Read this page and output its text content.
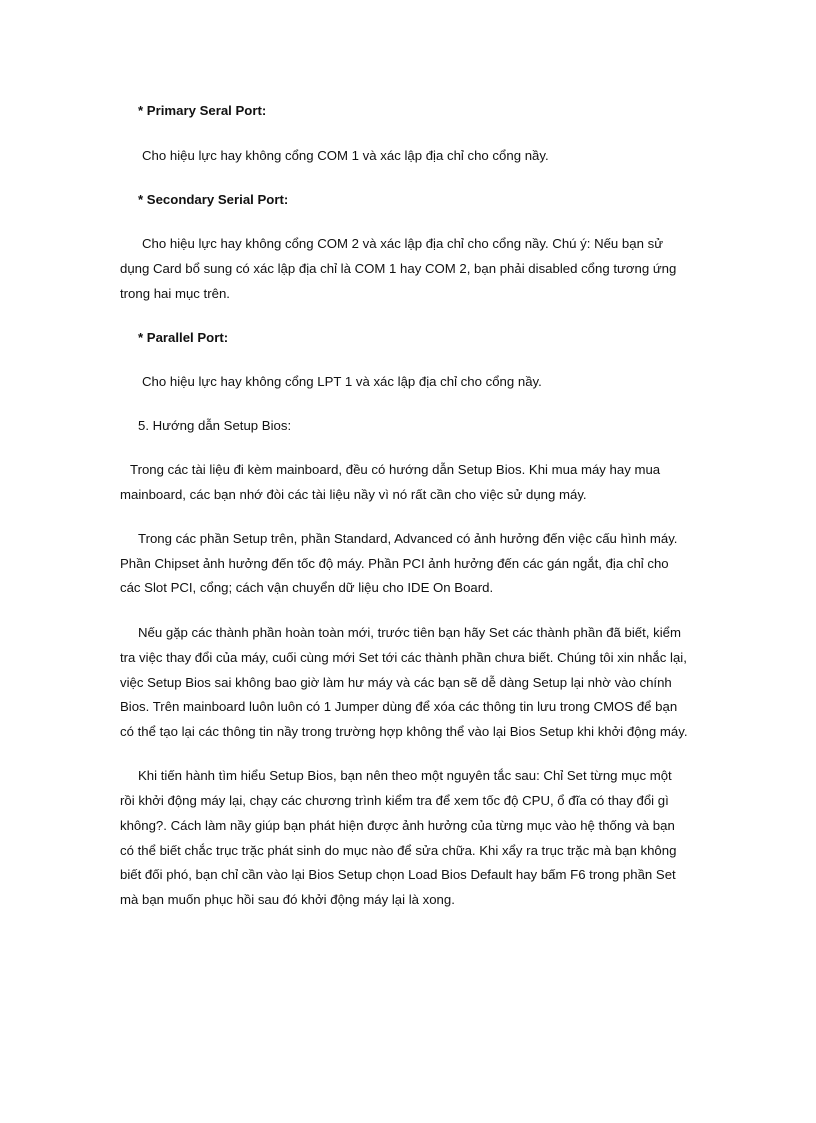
* Primary Seral Port:

Cho hiệu lực hay không cổng COM 1 và xác lập địa chỉ cho cổng nầy.

* Secondary Serial Port:

Cho hiệu lực hay không cổng COM 2 và xác lập địa chỉ cho cổng nầy. Chú ý: Nếu bạn sử

dụng Card bổ sung có xác lập địa chỉ là COM 1 hay COM 2, bạn phải disabled cổng tương ứng

trong hai mục trên.

* Parallel Port:

Cho hiệu lực hay không cổng LPT 1 và xác lập địa chỉ cho cổng nầy.

5. Hướng dẫn Setup Bios:

Trong các tài liệu đi kèm mainboard, đều có hướng dẫn Setup Bios. Khi mua máy hay mua

mainboard, các bạn nhớ đòi các tài liệu nầy vì nó rất cần cho việc sử dụng máy.

Trong các phần Setup trên, phần Standard, Advanced có ảnh hưởng đến việc cấu hình máy.

Phần Chipset ảnh hưởng đến tốc độ máy. Phần PCI ảnh hưởng đến các gán ngắt, địa chỉ cho

các Slot PCI, cổng; cách vận chuyển dữ liệu cho IDE On Board.

Nếu gặp các thành phần hoàn toàn mới, trước tiên bạn hãy Set các thành phần đã biết, kiểm

tra việc thay đổi của máy, cuối cùng mới Set tới các thành phần chưa biết. Chúng tôi xin nhắc lại,

việc Setup Bios sai không bao giờ làm hư máy và các bạn sẽ dễ dàng Setup lại nhờ vào chính

Bios. Trên mainboard luôn luôn có 1 Jumper dùng để xóa các thông tin lưu trong CMOS để bạn

có thể tạo lại các thông tin nầy trong trường hợp không thể vào lại Bios Setup khi khởi động máy.

Khi tiến hành tìm hiểu Setup Bios, bạn nên theo một nguyên tắc sau: Chỉ Set từng mục một

rồi khởi động máy lại, chạy các chương trình kiểm tra để xem tốc độ CPU, ổ đĩa có thay đổi gì

không?. Cách làm nầy giúp bạn phát hiện được ảnh hưởng của từng mục vào hệ thống và bạn

có thể biết chắc trục trặc phát sinh do mục nào để sửa chữa. Khi xẩy ra trục trặc mà bạn không

biết đối phó, bạn chỉ cần vào lại Bios Setup chọn Load Bios Default hay bấm F6 trong phần Set

mà bạn muốn phục hồi sau đó khởi động máy lại là xong.
